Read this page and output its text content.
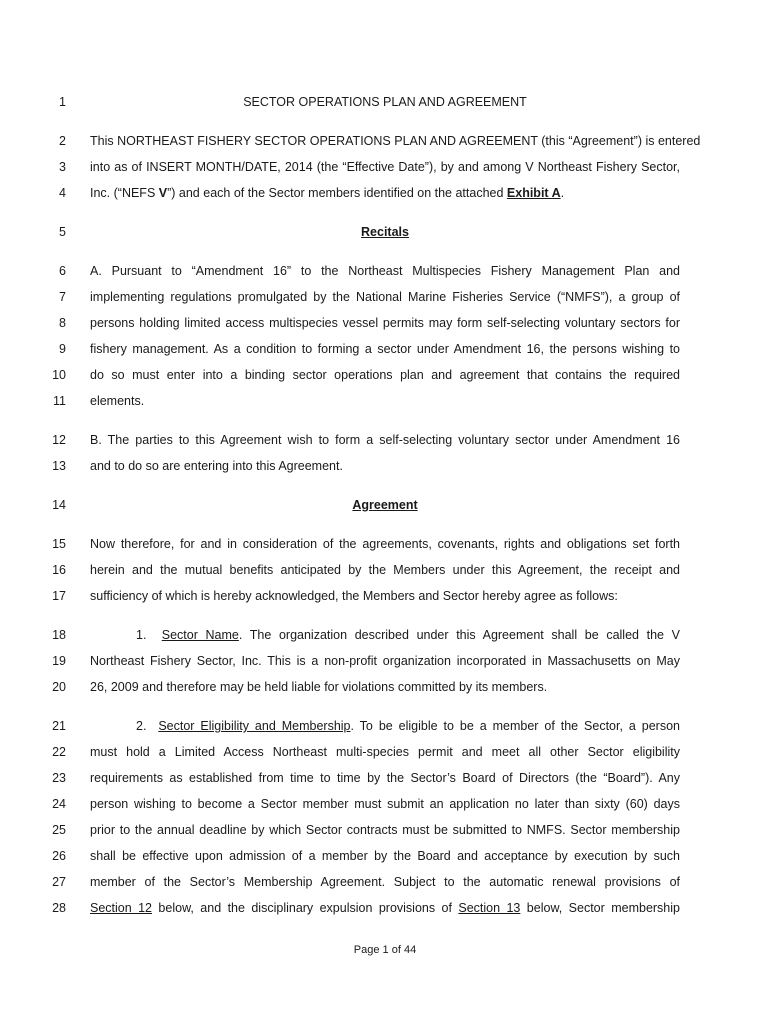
1	SECTOR OPERATIONS PLAN AND AGREEMENT
2 This NORTHEAST FISHERY SECTOR OPERATIONS PLAN AND AGREEMENT (this “Agreement”) is entered
3 into as of INSERT MONTH/DATE, 2014 (the “Effective Date”), by and among V Northeast Fishery Sector,
4 Inc. (“NEFS V”) and each of the Sector members identified on the attached Exhibit A.
5	Recitals
6 A. Pursuant to “Amendment 16” to the Northeast Multispecies Fishery Management Plan and
7 implementing regulations promulgated by the National Marine Fisheries Service (“NMFS”), a group of
8 persons holding limited access multispecies vessel permits may form self-selecting voluntary sectors for
9 fishery management. As a condition to forming a sector under Amendment 16, the persons wishing to
10 do so must enter into a binding sector operations plan and agreement that contains the required
11 elements.
12 B. The parties to this Agreement wish to form a self-selecting voluntary sector under Amendment 16
13 and to do so are entering into this Agreement.
14	Agreement
15 Now therefore, for and in consideration of the agreements, covenants, rights and obligations set forth
16 herein and the mutual benefits anticipated by the Members under this Agreement, the receipt and
17 sufficiency of which is hereby acknowledged, the Members and Sector hereby agree as follows:
18	1. Sector Name. The organization described under this Agreement shall be called the V
19 Northeast Fishery Sector, Inc. This is a non-profit organization incorporated in Massachusetts on May
20 26, 2009 and therefore may be held liable for violations committed by its members.
21	2. Sector Eligibility and Membership. To be eligible to be a member of the Sector, a person
22 must hold a Limited Access Northeast multi-species permit and meet all other Sector eligibility
23 requirements as established from time to time by the Sector’s Board of Directors (the “Board”). Any
24 person wishing to become a Sector member must submit an application no later than sixty (60) days
25 prior to the annual deadline by which Sector contracts must be submitted to NMFS. Sector membership
26 shall be effective upon admission of a member by the Board and acceptance by execution by such
27 member of the Sector’s Membership Agreement. Subject to the automatic renewal provisions of
28 Section 12 below, and the disciplinary expulsion provisions of Section 13 below, Sector membership
Page 1 of 44
